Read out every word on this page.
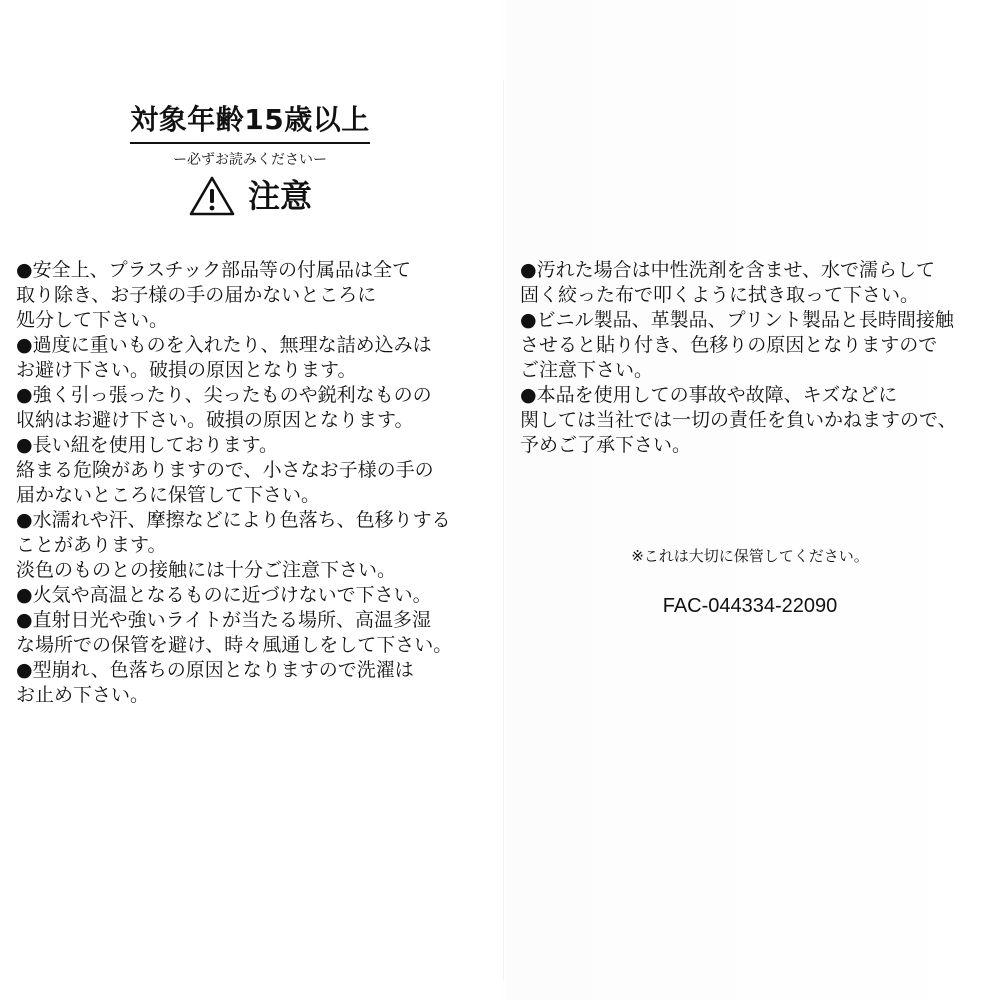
対象年齢15歳以上
ー必ずお読みくださいー
注意
●安全上、プラスチック部品等の付属品は全て
取り除き、お子様の手の届かないところに
処分して下さい。
●過度に重いものを入れたり、無理な詰め込みは
お避け下さい。破損の原因となります。
●強く引っ張ったり、尖ったものや鋭利なものの
収納はお避け下さい。破損の原因となります。
●長い紐を使用しております。
絡まる危険がありますので、小さなお子様の手の
届かないところに保管して下さい。
●水濡れや汗、摩擦などにより色落ち、色移りする
ことがあります。
淡色のものとの接触には十分ご注意下さい。
●火気や高温となるものに近づけないで下さい。
●直射日光や強いライトが当たる場所、高温多湿
な場所での保管を避け、時々風通しをして下さい。
●型崩れ、色落ちの原因となりますので洗濯は
お止め下さい。
●汚れた場合は中性洗剤を含ませ、水で濡らして
固く絞った布で叩くように拭き取って下さい。
●ビニル製品、革製品、プリント製品と長時間接触
させると貼り付き、色移りの原因となりますので
ご注意下さい。
●本品を使用しての事故や故障、キズなどに
関しては当社では一切の責任を負いかねますので、
予めご了承下さい。
※これは大切に保管してください。
FAC-044334-22090
